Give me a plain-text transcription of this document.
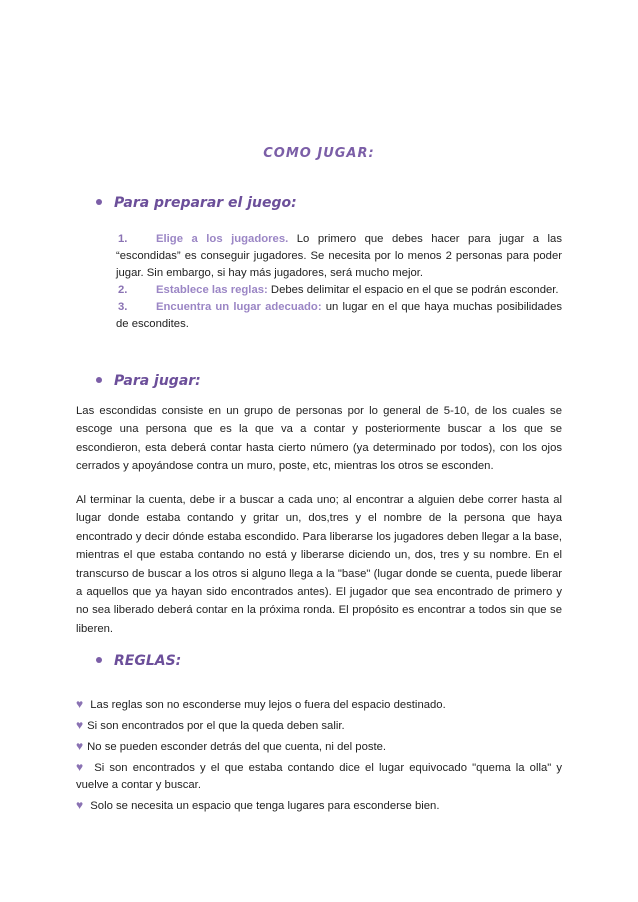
COMO JUGAR:
Para preparar el juego:

1.	Elige a los jugadores. Lo primero que debes hacer para jugar a las “escondidas” es conseguir jugadores. Se necesita por lo menos 2 personas para poder jugar. Sin embargo, si hay más jugadores, será mucho mejor.

2.	Establece las reglas: Debes delimitar el espacio en el que se podrán esconder.

3.	Encuentra un lugar adecuado: un lugar en el que haya muchas posibilidades de escondites.

Para jugar:

Las escondidas consiste en un grupo de personas por lo general de 5-10, de los cuales se escoge una persona que es la que va a contar y posteriormente buscar a los que se escondieron, esta deberá contar hasta cierto número (ya determinado por todos), con los ojos cerrados y apoyándose contra un muro, poste, etc, mientras los otros se esconden.

Al terminar la cuenta, debe ir a buscar a cada uno; al encontrar a alguien debe correr hasta al lugar donde estaba contando y gritar un, dos,tres y el nombre de la persona que haya encontrado y decir dónde estaba escondido. Para liberarse los jugadores deben llegar a la base, mientras el que estaba contando no está y liberarse diciendo un, dos, tres y su nombre. En el transcurso de buscar a los otros si alguno llega a la "base" (lugar donde se cuenta, puede liberar a aquellos que ya hayan sido encontrados antes). El jugador que sea encontrado de primero y no sea liberado deberá contar en la próxima ronda. El propósito es encontrar a todos sin que se liberen.

REGLAS:

♥ Las reglas son no esconderse muy lejos o fuera del espacio destinado.

♥ Si son encontrados por el que la queda deben salir.

♥ No se pueden esconder detrás del que cuenta, ni del poste.

♥ Si son encontrados y el que estaba contando dice el lugar equivocado "quema la olla" y vuelve a contar y buscar.

♥ Solo se necesita un espacio que tenga lugares para esconderse bien.
